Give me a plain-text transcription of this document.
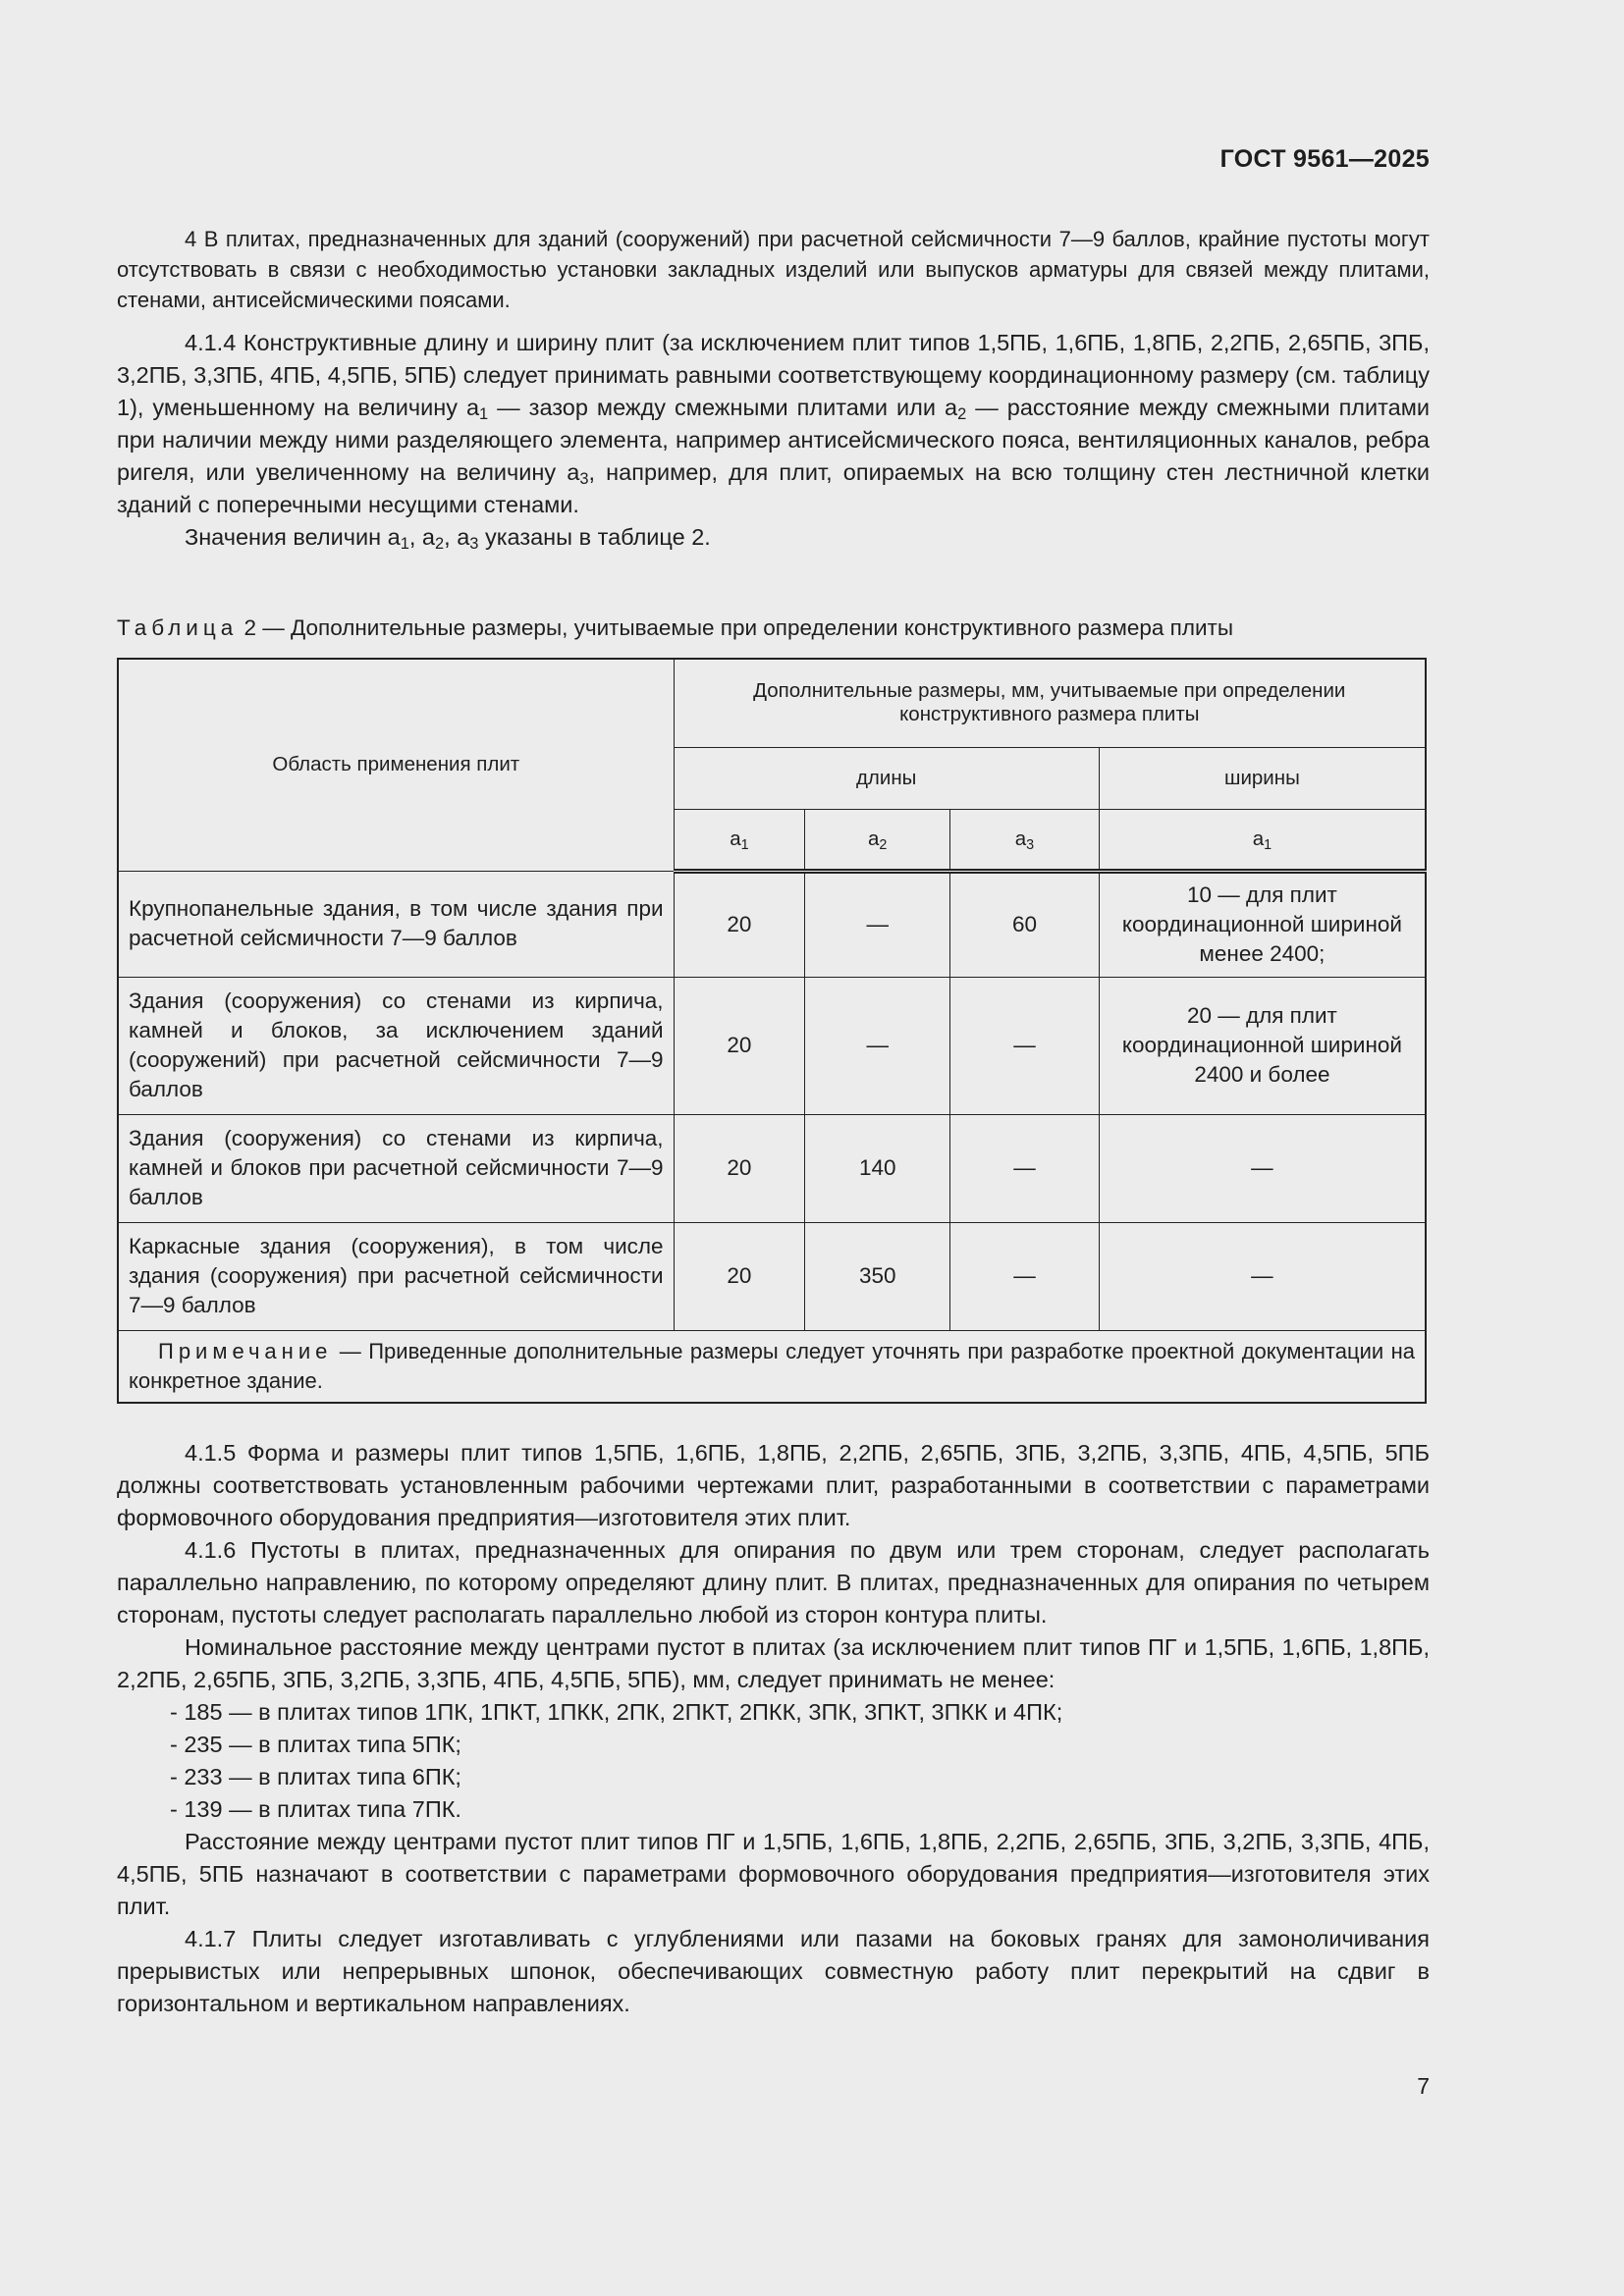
ГОСТ 9561—2025

4 В плитах, предназначенных для зданий (сооружений) при расчетной сейсмичности 7—9 баллов, крайние пустоты могут отсутствовать в связи с необходимостью установки закладных изделий или выпусков арматуры для связей между плитами, стенами, антисейсмическими поясами.

4.1.4 Конструктивные длину и ширину плит (за исключением плит типов 1,5ПБ, 1,6ПБ, 1,8ПБ, 2,2ПБ, 2,65ПБ, 3ПБ, 3,2ПБ, 3,3ПБ, 4ПБ, 4,5ПБ, 5ПБ) следует принимать равными соответствующему координационному размеру (см. таблицу 1), уменьшенному на величину $a_1$ — зазор между смежными плитами или $a_2$ — расстояние между смежными плитами при наличии между ними разделяющего элемента, например антисейсмического пояса, вентиляционных каналов, ребра ригеля, или увеличенному на величину $a_3$, например, для плит, опираемых на всю толщину стен лестничной клетки зданий с поперечными несущими стенами.

Значения величин $a_1$, $a_2$, $a_3$ указаны в таблице 2.

Таблица 2 — Дополнительные размеры, учитываемые при определении конструктивного размера плиты
Область применения плит	Дополнительные размеры, мм, учитываемые при определении конструктивного размера плиты			
	длины			ширины
	$a_1$	$a_2$	$a_3$	$a_1$
Крупнопанельные здания, в том числе здания при расчетной сейсмичности 7—9 баллов	20	—	60	10 — для плит координационной шириной менее 2400;
Здания (сооружения) со стенами из кирпича, камней и блоков, за исключением зданий (сооружений) при расчетной сейсмичности 7—9 баллов	20	—	—	20 — для плит координационной шириной 2400 и более
Здания (сооружения) со стенами из кирпича, камней и блоков при расчетной сейсмичности 7—9 баллов	20	140	—	—
Каркасные здания (сооружения), в том числе здания (сооружения) при расчетной сейсмичности 7—9 баллов	20	350	—	—
Примечание — Приведенные дополнительные размеры следует уточнять при разработке проектной документации на конкретное здание.				

4.1.5 Форма и размеры плит типов 1,5ПБ, 1,6ПБ, 1,8ПБ, 2,2ПБ, 2,65ПБ, 3ПБ, 3,2ПБ, 3,3ПБ, 4ПБ, 4,5ПБ, 5ПБ должны соответствовать установленным рабочими чертежами плит, разработанными в соответствии с параметрами формовочного оборудования предприятия—изготовителя этих плит.

4.1.6 Пустоты в плитах, предназначенных для опирания по двум или трем сторонам, следует располагать параллельно направлению, по которому определяют длину плит. В плитах, предназначенных для опирания по четырем сторонам, пустоты следует располагать параллельно любой из сторон контура плиты.

Номинальное расстояние между центрами пустот в плитах (за исключением плит типов ПГ и 1,5ПБ, 1,6ПБ, 1,8ПБ, 2,2ПБ, 2,65ПБ, 3ПБ, 3,2ПБ, 3,3ПБ, 4ПБ, 4,5ПБ, 5ПБ), мм, следует принимать не менее:

- 185 — в плитах типов 1ПК, 1ПКТ, 1ПКК, 2ПК, 2ПКТ, 2ПКК, 3ПК, 3ПКТ, 3ПКК и 4ПК;

- 235 — в плитах типа 5ПК;

- 233 — в плитах типа 6ПК;

- 139 — в плитах типа 7ПК.

Расстояние между центрами пустот плит типов ПГ и 1,5ПБ, 1,6ПБ, 1,8ПБ, 2,2ПБ, 2,65ПБ, 3ПБ, 3,2ПБ, 3,3ПБ, 4ПБ, 4,5ПБ, 5ПБ назначают в соответствии с параметрами формовочного оборудования предприятия—изготовителя этих плит.

4.1.7 Плиты следует изготавливать с углублениями или пазами на боковых гранях для замоноличивания прерывистых или непрерывных шпонок, обеспечивающих совместную работу плит перекрытий на сдвиг в горизонтальном и вертикальном направлениях.

7
